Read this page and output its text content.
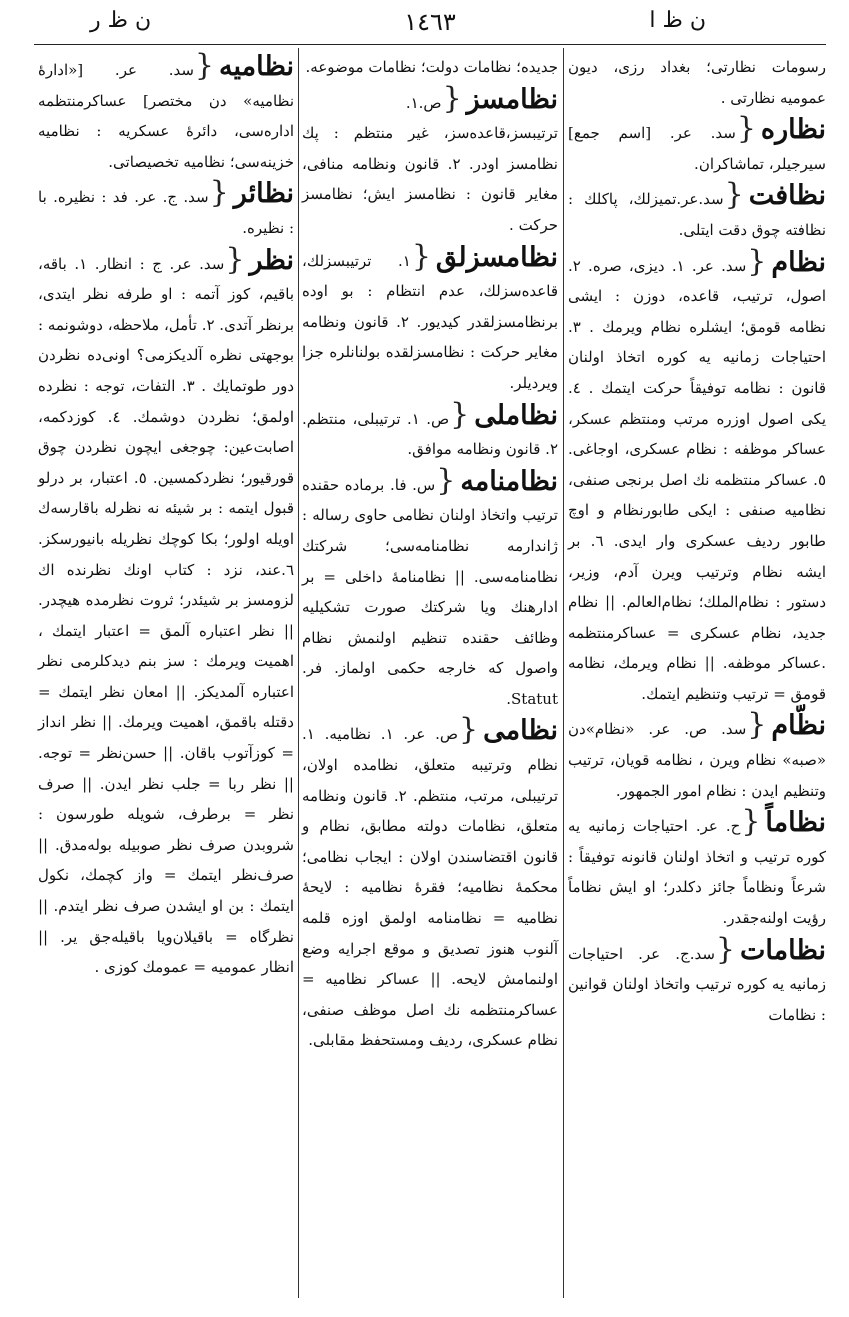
ن ظ ا
١٤٦٣
ن ظ ر
رسومات نظارتی؛ بغداد رزی، دیون عمومیه نظارتی .
نظاره{سد. عر. [اسم جمع] سیرجیلر، تماشاکران.
نظافت{سد.عر.تمیزلك، پاکلك : نظافته چوق دقت ایتلی.
نظام{سد. عر. ١. دیزی، صره. ٢. اصول، ترتیب، قاعده، دوزن : ایشی نظامه قومق؛ ایشلره نظام ویرمك . ٣. احتیاجات زمانیه یه کوره اتخاذ اولنان قانون : نظامه توفیقاً حرکت ایتمك . ٤. یکی اصول اوزره مرتب ومنتظم عسکر، عساکر موظفه : نظام عسکری، اوجاغی. ٥. عساکر منتظمه نك اصل برنجی صنفی، نظامیه صنفی : ایکی طابورنظام و اوچ طابور ردیف عسکری وار ایدی. ٦. بر ایشه نظام وترتیب ویرن آدم، وزیر، دستور : نظام‌الملك؛ نظام‌العالم. || نظام جدید، نظام عسکری = عساکرمنتظمه .عساکر موظفه. || نظام ویرمك، نظامه قومق = ترتیب وتنظیم ایتمك.
نظّام{سد. ص. عر. «نظام»دن «صبه» نظام ویرن ، نظامه قویان، ترتیب وتنظیم ایدن : نظام امور الجمهور.
نظاماً{ح. عر. احتیاجات زمانیه یه کوره ترتیب و اتخاذ اولنان قانونه توفیقاً : شرعاً ونظاماً جائز دکلدر؛ او ایش نظاماً رؤیت اولنه‌جقدر.
نظامات{سد.ج. عر. احتیاجات زمانیه یه کوره ترتیب واتخاذ اولنان قوانین : نظامات
جدیده؛ نظامات دولت؛ نظامات موضوعه.
نظامسز{ص.١. ترتیبسز،قاعده‌سز، غیر منتظم : پك نظامسز اودر. ٢. قانون ونظامه منافی، مغایر قانون : نظامسز ایش؛ نظامسز حرکت .
نظامسزلق{١. ترتیبسزلك، قاعده‌سزلك، عدم انتظام : بو اوده برنظامسزلقدر کیدیور. ٢. قانون ونظامه مغایر حرکت : نظامسزلقده بولنانلره جزا ویردیلر.
نظاملی{ص. ١. ترتیبلی، منتظم. ٢. قانون ونظامه موافق.
نظامنامه{س. فا. برماده حقنده ترتیب واتخاذ اولنان نظامی حاوی رساله : ژاندارمه نظامنامه‌سی؛ شرکتك نظامنامه‌سی. || نظامنامهٔ داخلی = بر ادارهنك ویا شرکتك صورت تشکیلیه وظائف حقنده تنظیم اولنمش نظام واصول که خارجه حکمی اولماز. فر. Statut.
نظامی{ص. عر. ١. نظامیه. ١. نظام وترتیبه متعلق، نظامده اولان، ترتیبلی، مرتب، منتظم. ٢. قانون ونظامه متعلق، نظامات دولته مطابق، نظام و قانون اقتضاسندن اولان : ایجاب نظامی؛ محکمهٔ نظامیه؛ فقرهٔ نظامیه : لایحهٔ نظامیه = نظامنامه اولمق اوزه قلمه آلنوب هنوز تصدیق و موقع اجرایه وضع اولنمامش لایحه. || عساکر نظامیه = عساکرمنتظمه نك اصل موظف صنفی، نظام عسکری، ردیف ومستحفظ مقابلی.
نظامیه{سد. عر. [«ادارهٔ نظامیه» دن مختصر] عساکرمنتظمه اداره‌سی، دائرهٔ عسکریه : نظامیه خزینه‌سی؛ نظامیه تخصیصاتی.
نظائر{سد. ج. عر. فد : نظیره. با : نظیره.
نظر{سد. عر. ج : انظار. ١. باقه، باقیم، کوز آتمه : او طرفه نظر ایتدی، برنظر آتدی. ٢. تأمل، ملاحظه، دوشونمه : بوجهتی نظره آلدیکزمی؟ اونی‌ده نظردن دور طوتمایك . ٣. التفات، توجه : نظرده اولمق؛ نظردن دوشمك. ٤. کوزدکمه، اصابت‌عین: چوجغی ایچون نظردن چوق قورقیور؛ نظردکمسین. ٥. اعتبار، بر درلو قبول ایتمه : بر شیئه نه نظرله باقارسه‌ك اویله اولور؛ بکا کوچك نظریله بانیورسکز. ٦.عند، نزد : کتاب اونك نظرنده اك لزومسز بر شیئدر؛ ثروت نظرمده هیچدر. || نظر اعتباره آلمق = اعتبار ایتمك ، اهمیت ویرمك : سز بنم دیدکلرمی نظر اعتباره آلمدیکز. || امعان نظر ایتمك = دقتله باقمق، اهمیت ویرمك. || نظر انداز = کوزآتوب باقان. || حسن‌نظر = توجه. || نظر ربا = جلب نظر ایدن. || صرف نظر = برطرف، شویله طورسون : شروبدن صرف نظر صوبیله بوله‌مدق. || صرف‌نظر ایتمك = واز کچمك، نکول ایتمك : بن او ایشدن صرف نظر ایتدم. || نظرگاه = باقیلان‌ویا باقیله‌جق یر. || انظار عمومیه = عمومك کوزی .
